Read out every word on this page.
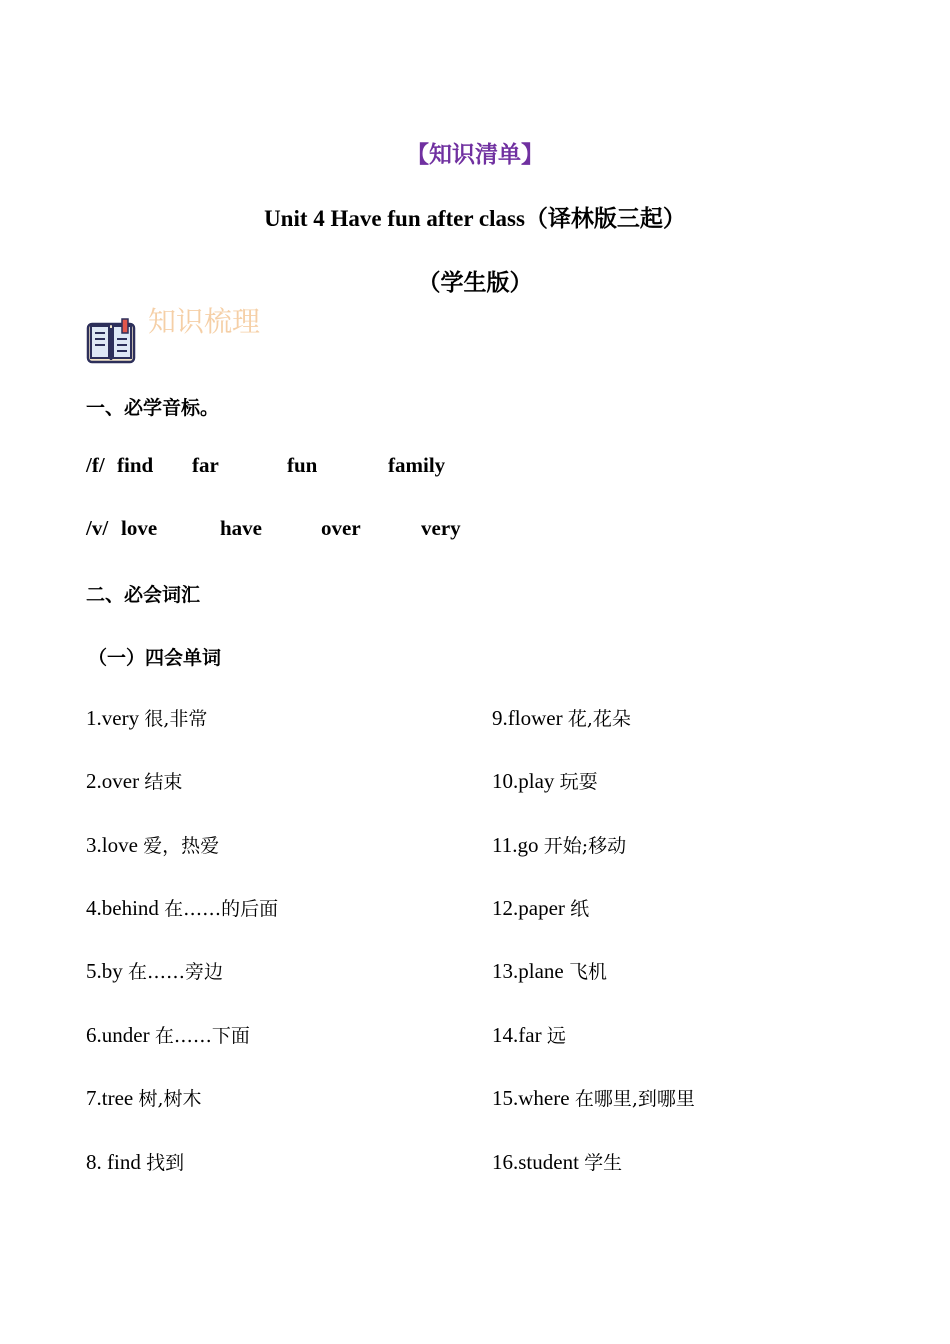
【知识清单】
Unit 4 Have fun after class（译林版三起）
（学生版）
知识梳理
一、必学音标。
/f/ find far	fun	family
/v/ love	have	over	very
二、必会词汇
（一）四会单词
1.very 很,非常
2.over 结束
3.love 爱，热爱
4.behind 在……的后面
5.by 在……旁边
6.under 在……下面
7.tree 树,树木
8. find 找到
9.flower 花,花朵
10.play 玩耍
11.go 开始;移动
12.paper 纸
13.plane 飞机
14.far 远
15.where 在哪里,到哪里
16.student 学生
